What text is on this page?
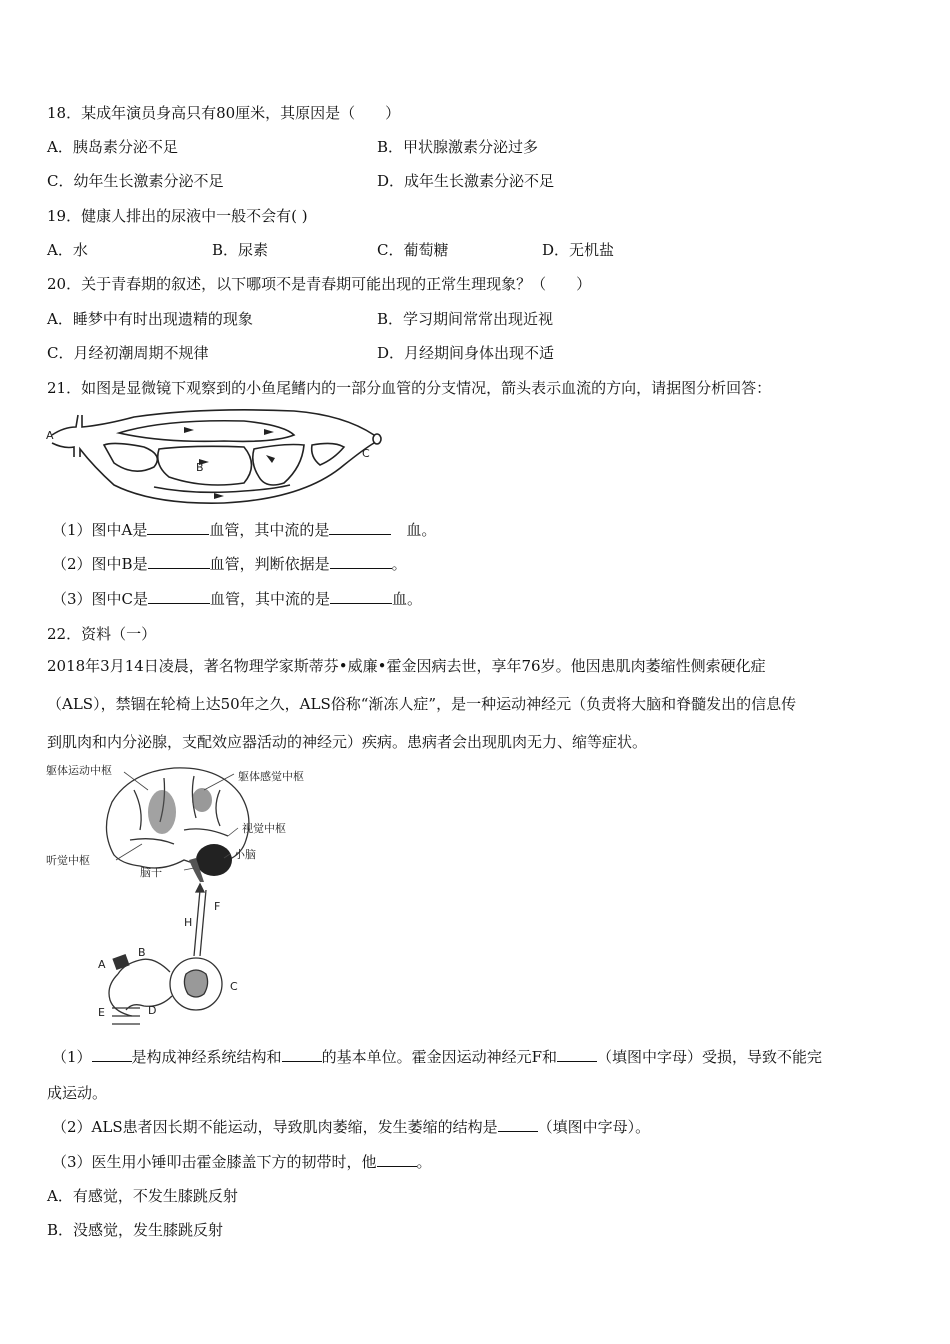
18．某成年演员身高只有80厘米，其原因是（　　）
A．胰岛素分泌不足	B．甲状腺激素分泌过多
C．幼年生长激素分泌不足	D．成年生长激素分泌不足
19．健康人排出的尿液中一般不会有( )
A．水	B．尿素	C．葡萄糖	D．无机盐
20．关于青春期的叙述，以下哪项不是青春期可能出现的正常生理现象？（　　）
A．睡梦中有时出现遗精的现象	B．学习期间常常出现近视
C．月经初潮周期不规律	D．月经期间身体出现不适
21．如图是显微镜下观察到的小鱼尾鳍内的一部分血管的分支情况，箭头表示血流的方向，请据图分析回答：
A
B
C
（1）图中A是	血管，其中流的是　	血。
（2）图中B是	血管，判断依据是	。
（3）图中C是	血管，其中流的是	血。
22．资料（一）
2018年3月14日凌晨，著名物理学家斯蒂芬•威廉•霍金因病去世，享年76岁。他因患肌肉萎缩性侧索硬化症
（ALS），禁锢在轮椅上达50年之久，ALS俗称“渐冻人症”，是一种运动神经元（负责将大脑和脊髓发出的信息传
到肌肉和内分泌腺，支配效应器活动的神经元）疾病。患病者会出现肌肉无力、缩等症状。
躯体运动中枢	躯体感觉中枢
视觉中枢
听觉中枢	小脑
脑干
H
F
A
B
C
D
E
（1）	是构成神经系统结构和	的基本单位。霍金因运动神经元F和	（填图中字母）受损，导致不能完
成运动。
（2）ALS患者因长期不能运动，导致肌肉萎缩，发生萎缩的结构是	（填图中字母）。
（3）医生用小锤叩击霍金膝盖下方的韧带时，他	。
A．有感觉，不发生膝跳反射
B．没感觉，发生膝跳反射
